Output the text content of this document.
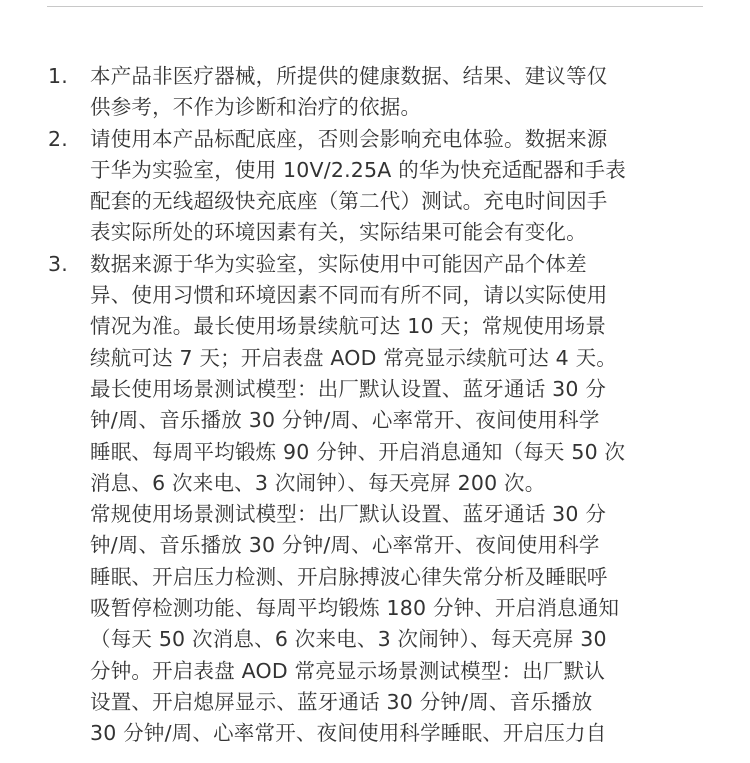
1.	本产品非医疗器械，所提供的健康数据、结果、建议等仅
供参考，不作为诊断和治疗的依据。

2.	请使用本产品标配底座，否则会影响充电体验。数据来源
于华为实验室，使用 10V/2.25A 的华为快充适配器和手表
配套的无线超级快充底座（第二代）测试。充电时间因手
表实际所处的环境因素有关，实际结果可能会有变化。

3.	数据来源于华为实验室，实际使用中可能因产品个体差
异、使用习惯和环境因素不同而有所不同，请以实际使用
情况为准。最长使用场景续航可达 10 天；常规使用场景
续航可达 7 天；开启表盘 AOD 常亮显示续航可达 4 天。
最长使用场景测试模型：出厂默认设置、蓝牙通话 30 分
钟/周、音乐播放 30 分钟/周、心率常开、夜间使用科学
睡眠、每周平均锻炼 90 分钟、开启消息通知（每天 50 次
消息、6 次来电、3 次闹钟）、每天亮屏 200 次。
常规使用场景测试模型：出厂默认设置、蓝牙通话 30 分
钟/周、音乐播放 30 分钟/周、心率常开、夜间使用科学
睡眠、开启压力检测、开启脉搏波心律失常分析及睡眠呼
吸暂停检测功能、每周平均锻炼 180 分钟、开启消息通知
（每天 50 次消息、6 次来电、3 次闹钟）、每天亮屏 30
分钟。开启表盘 AOD 常亮显示场景测试模型：出厂默认
设置、开启熄屏显示、蓝牙通话 30 分钟/周、音乐播放
30 分钟/周、心率常开、夜间使用科学睡眠、开启压力自
